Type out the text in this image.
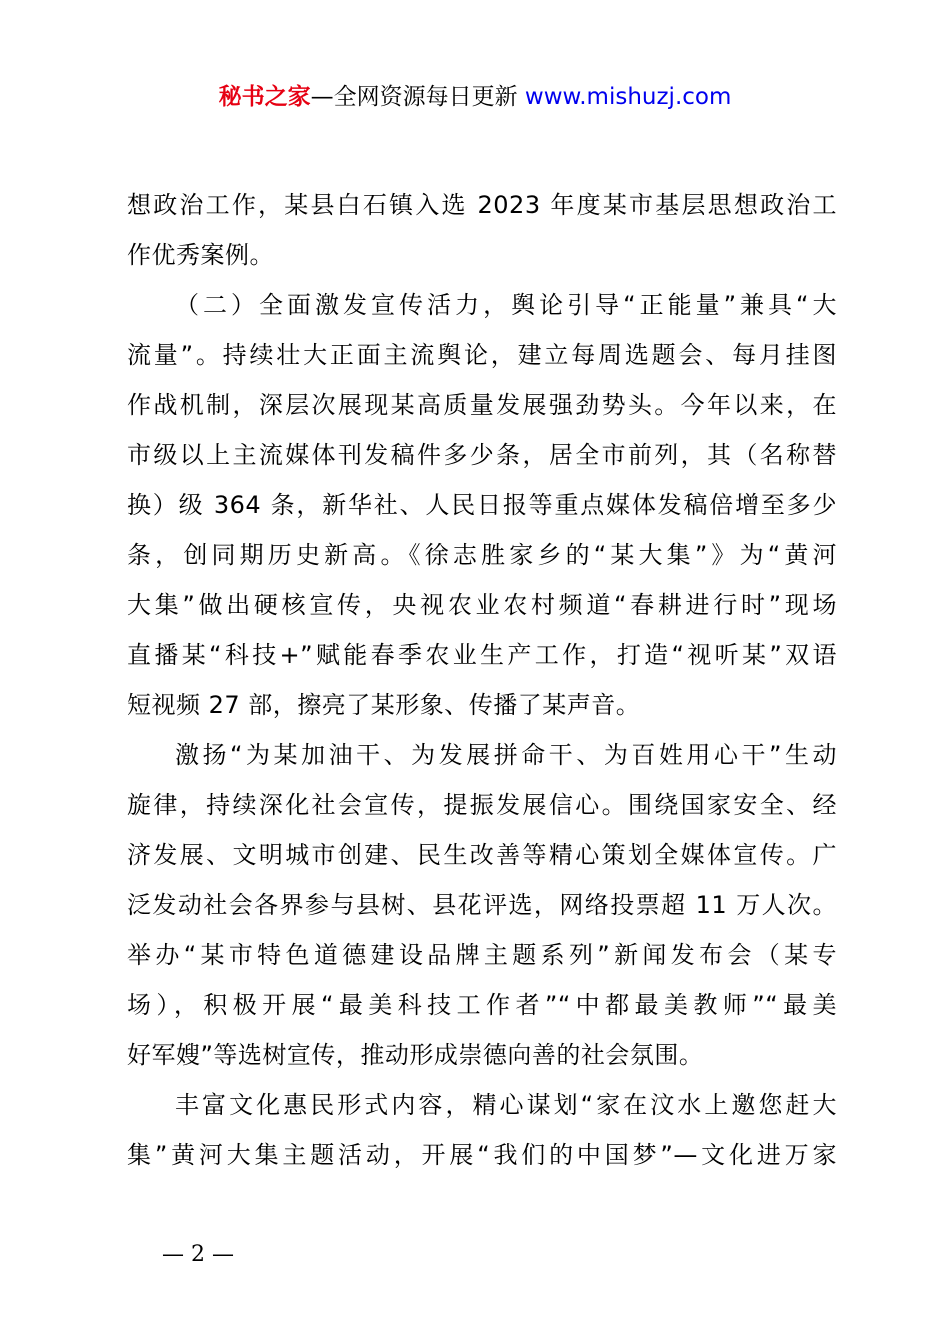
秘书之家—全网资源每日更新 www.mishuzj.com
想政治工作，某县白石镇入选 2023 年度某市基层思想政治工
作优秀案例。
（二）全面激发宣传活力，舆论引导“正能量”兼具“大
流量”。持续壮大正面主流舆论，建立每周选题会、每月挂图
作战机制，深层次展现某高质量发展强劲势头。今年以来，在
市级以上主流媒体刊发稿件多少条，居全市前列，其（名称替
换）级 364 条，新华社、人民日报等重点媒体发稿倍增至多少
条，创同期历史新高。《徐志胜家乡的“某大集”》为“黄河
大集”做出硬核宣传，央视农业农村频道“春耕进行时”现场
直播某“科技+”赋能春季农业生产工作，打造“视听某”双语
短视频 27 部，擦亮了某形象、传播了某声音。
激扬“为某加油干、为发展拼命干、为百姓用心干”生动
旋律，持续深化社会宣传，提振发展信心。围绕国家安全、经
济发展、文明城市创建、民生改善等精心策划全媒体宣传。广
泛发动社会各界参与县树、县花评选，网络投票超 11 万人次。
举办“某市特色道德建设品牌主题系列”新闻发布会（某专
场），积极开展“最美科技工作者”“中都最美教师”“最美
好军嫂”等选树宣传，推动形成崇德向善的社会氛围。
丰富文化惠民形式内容，精心谋划“家在汶水上邀您赶大
集”黄河大集主题活动，开展“我们的中国梦”—文化进万家
— 2 —
